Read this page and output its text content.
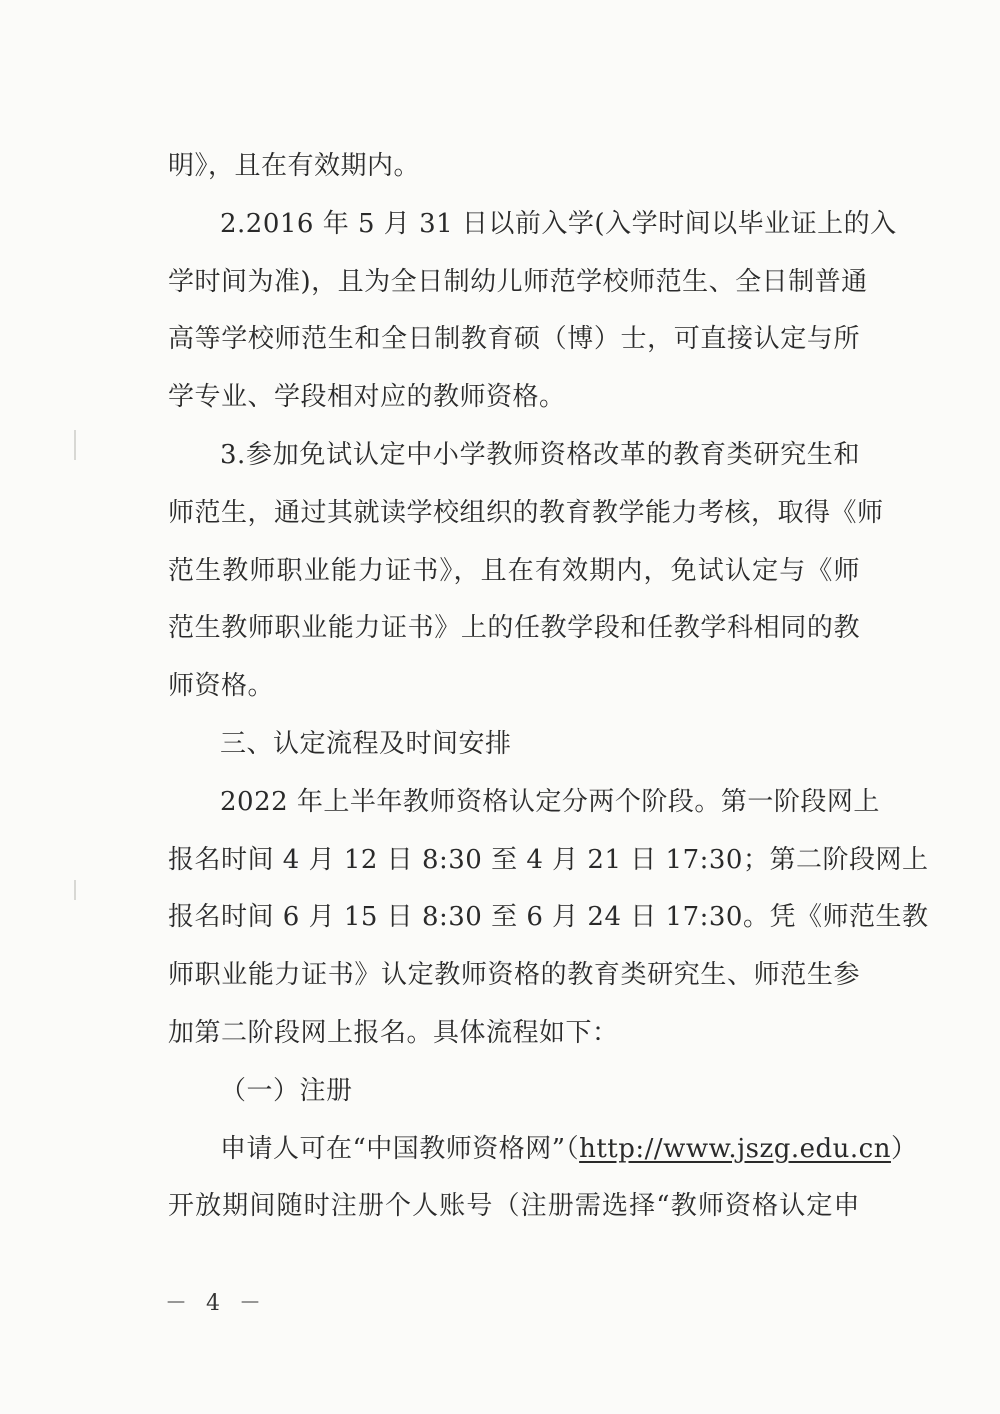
明》，且在有效期内。
2.2016 年 5 月 31 日以前入学(入学时间以毕业证上的入
学时间为准)，且为全日制幼儿师范学校师范生、全日制普通
高等学校师范生和全日制教育硕（博）士，可直接认定与所
学专业、学段相对应的教师资格。
3.参加免试认定中小学教师资格改革的教育类研究生和
师范生，通过其就读学校组织的教育教学能力考核，取得《师
范生教师职业能力证书》，且在有效期内，免试认定与《师
范生教师职业能力证书》上的任教学段和任教学科相同的教
师资格。
三、认定流程及时间安排
2022 年上半年教师资格认定分两个阶段。第一阶段网上
报名时间 4 月 12 日 8:30 至 4 月 21 日 17:30；第二阶段网上
报名时间 6 月 15 日 8:30 至 6 月 24 日 17:30。凭《师范生教
师职业能力证书》认定教师资格的教育类研究生、师范生参
加第二阶段网上报名。具体流程如下：
（一）注册
申请人可在“中国教师资格网”（http://www.jszg.edu.cn）
开放期间随时注册个人账号（注册需选择“教师资格认定申
－ 4 －
